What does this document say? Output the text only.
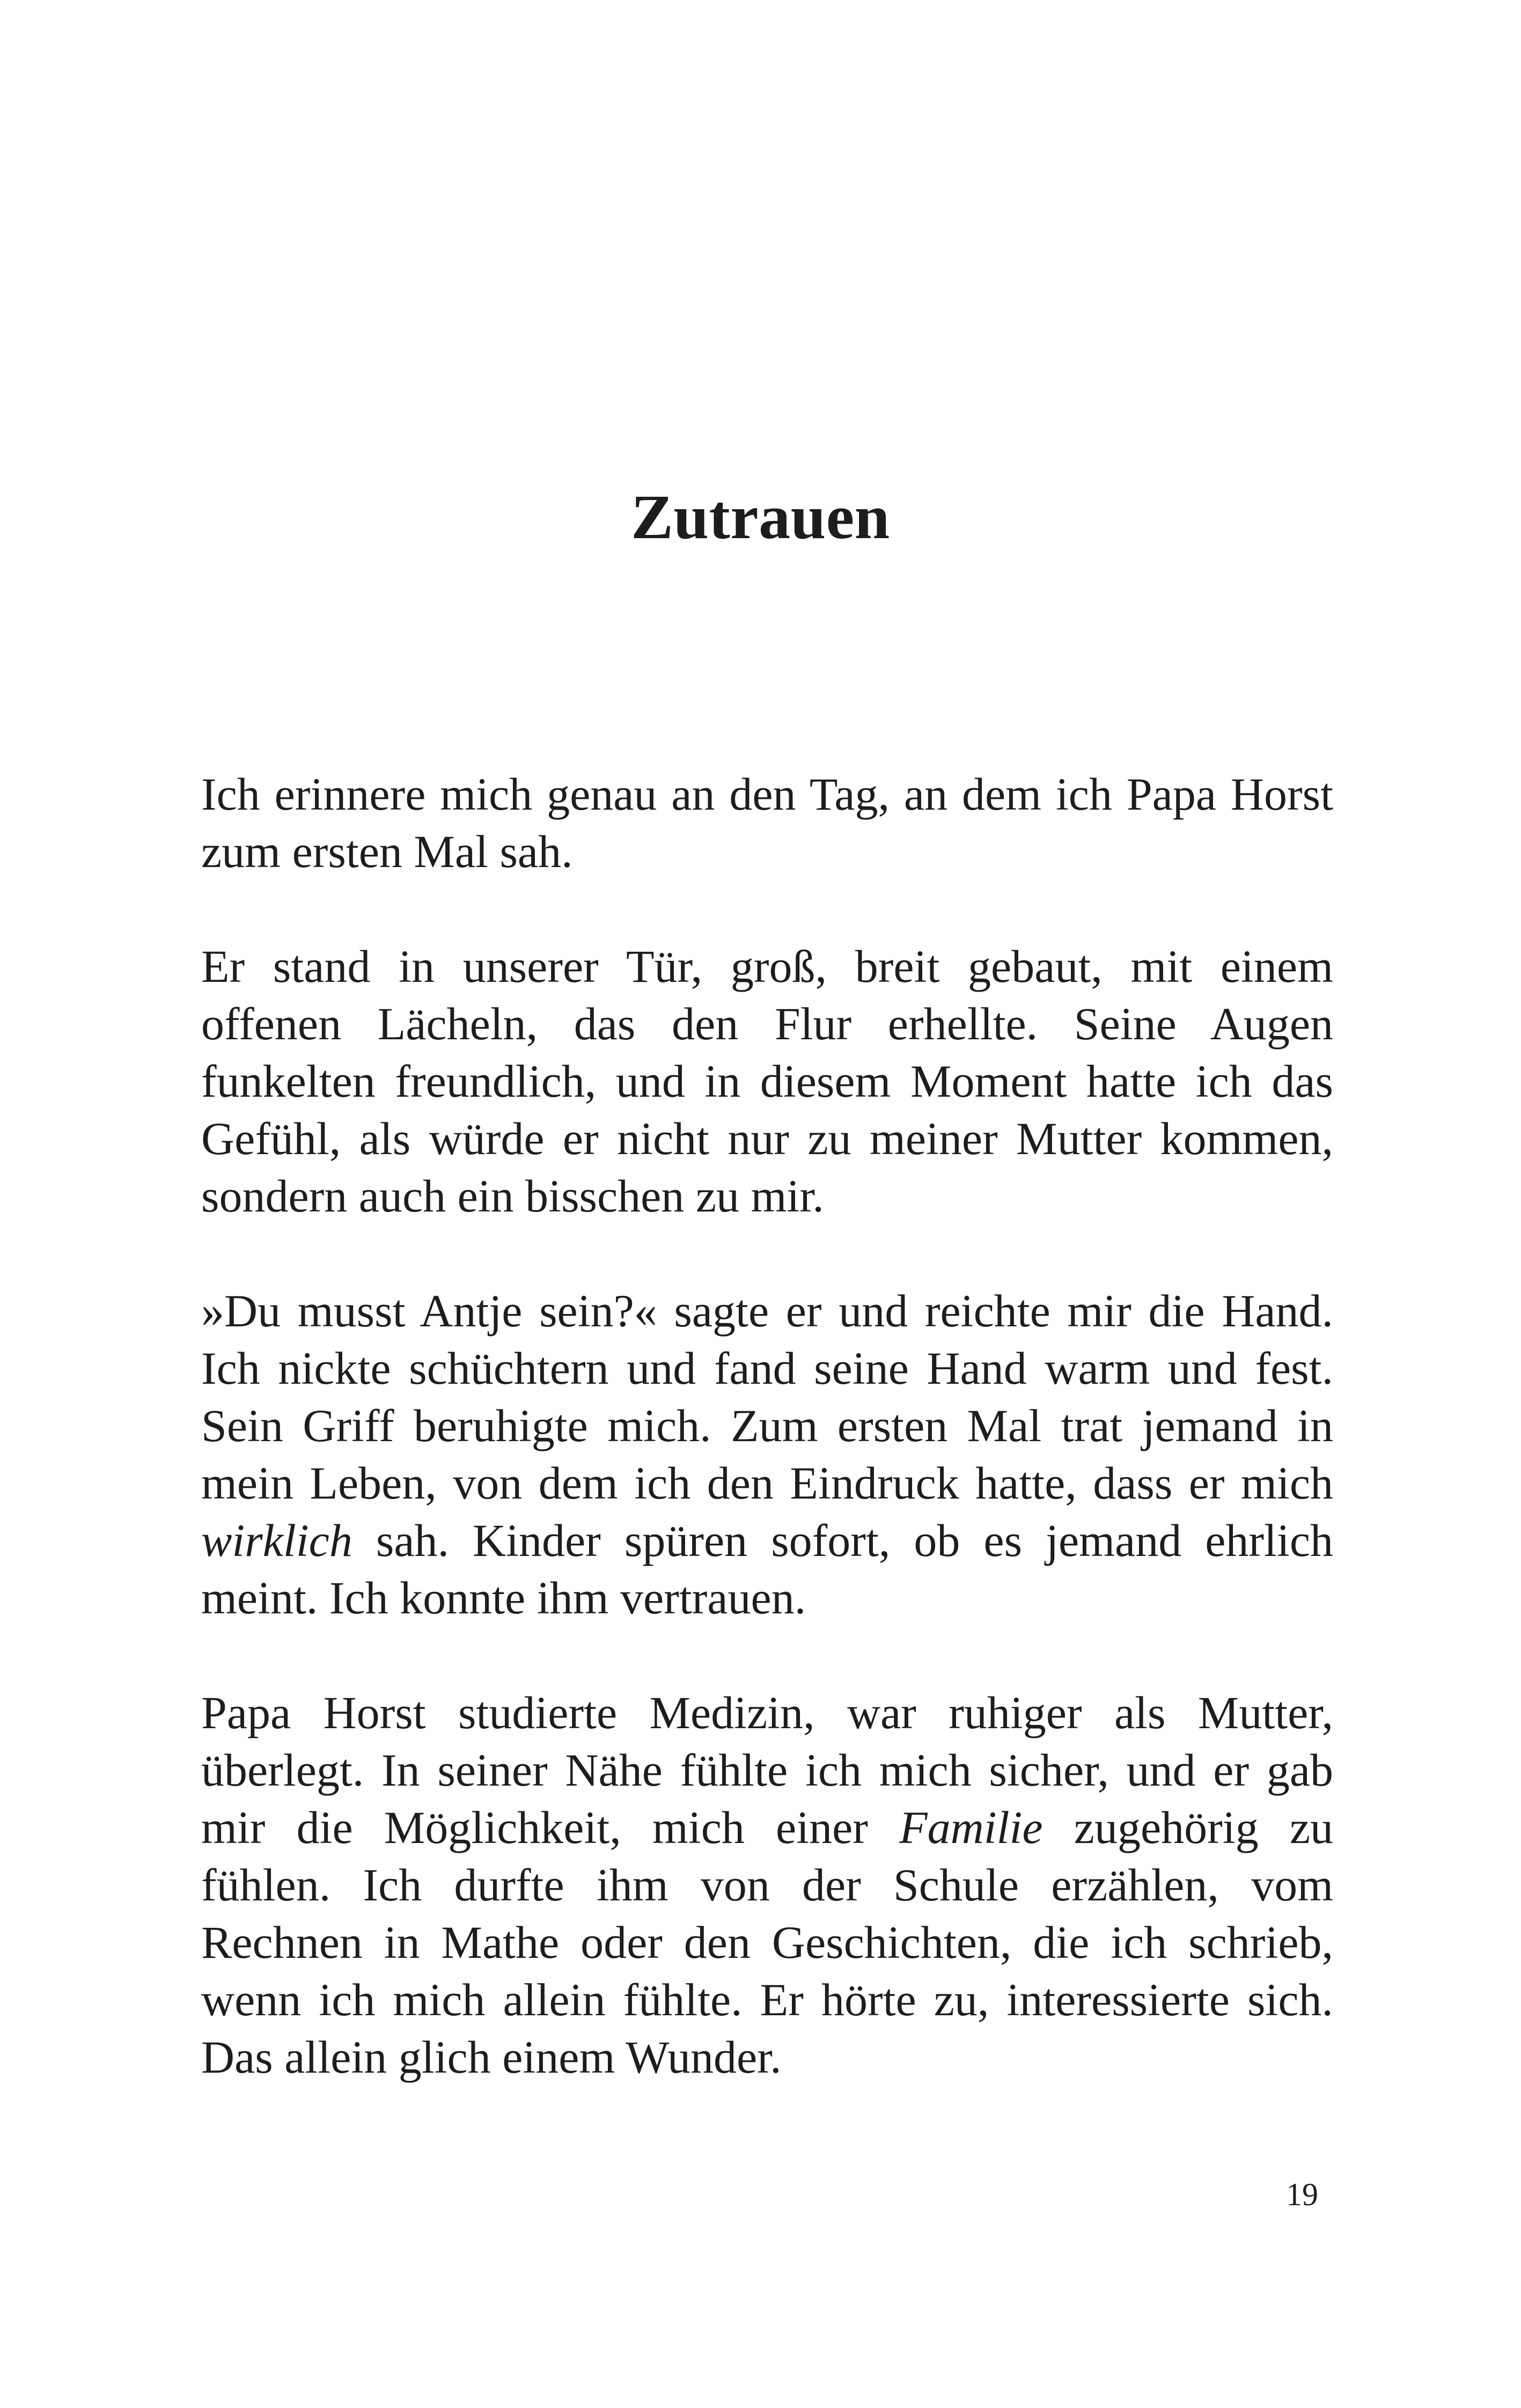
Zutrauen

Ich erinnere mich genau an den Tag, an dem ich Papa Horst zum ersten Mal sah.

Er stand in unserer Tür, groß, breit gebaut, mit einem offenen Lächeln, das den Flur erhellte. Seine Augen funkelten freundlich, und in diesem Moment hatte ich das Gefühl, als würde er nicht nur zu meiner Mutter kommen, sondern auch ein bisschen zu mir.

»Du musst Antje sein?« sagte er und reichte mir die Hand. Ich nickte schüchtern und fand seine Hand warm und fest. Sein Griff beruhigte mich. Zum ersten Mal trat jemand in mein Leben, von dem ich den Eindruck hatte, dass er mich wirklich sah. Kinder spüren sofort, ob es jemand ehrlich meint. Ich konnte ihm vertrauen.

Papa Horst studierte Medizin, war ruhiger als Mutter, überlegt. In seiner Nähe fühlte ich mich sicher, und er gab mir die Möglichkeit, mich einer Familie zugehörig zu fühlen. Ich durfte ihm von der Schule erzählen, vom Rechnen in Mathe oder den Geschichten, die ich schrieb, wenn ich mich allein fühlte. Er hörte zu, interessierte sich. Das allein glich einem Wunder.

19
